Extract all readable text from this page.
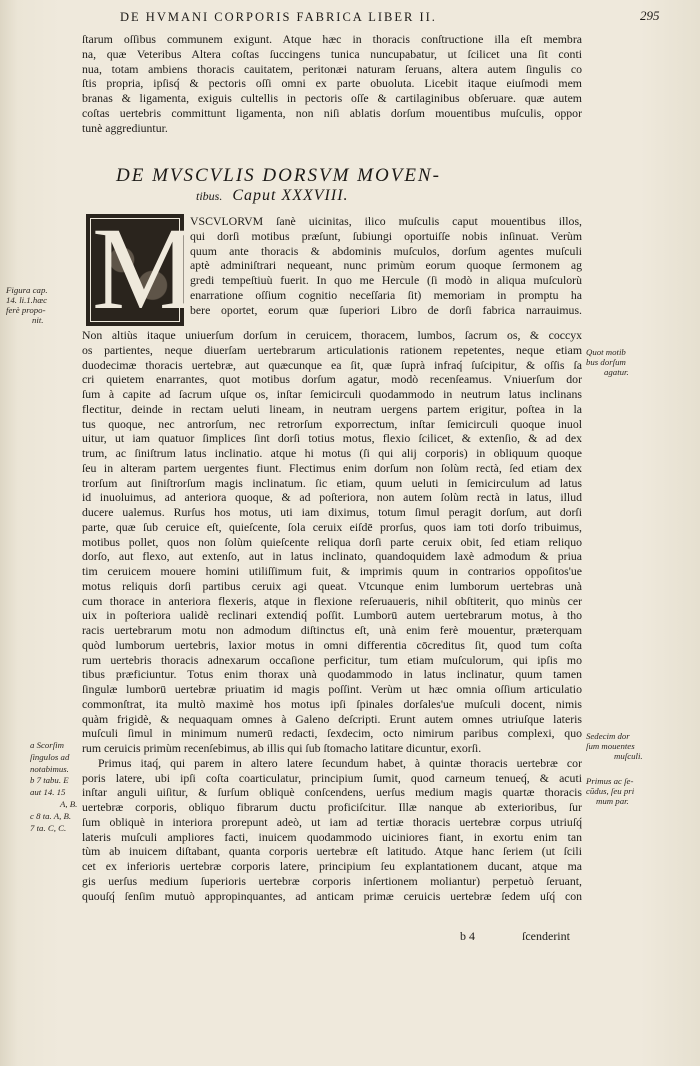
DE HVMANI CORPORIS FABRICA LIBER II.	295
ſtarum oſſibus communem exigunt. Atque hæc in thoracis conſtructione illa eſt membra
na, quæ Veteribus Altera coſtas ſuccingens tunica nuncupabatur, ut ſcilicet una ſit conti
nua, totam ambiens thoracis cauitatem, peritonæi naturam ſeruans, altera autem ſingulis co
ſtis propria, ipſisq́ & pectoris oſſi omni ex parte obuoluta. Licebit itaque eiuſmodi mem
branas & ligamenta, exiguis cultellis in pectoris oſſe & cartilaginibus obſeruare. quæ autem
coſtas uertebris committunt ligamenta, non niſi ablatis dorſum mouentibus muſculis, oppor
tunè aggrediuntur.
DE MVSCVLIS DORSVM MOVEN-
tibus. Caput XXXVIII.
M
VSCVLORVM ſanè uicinitas, ilico muſculis caput mouentibus illos,
qui dorſi motibus præſunt, ſubiungi oportuiſſe nobis inſinuat. Verùm
quum ante thoracis & abdominis muſculos, dorſum agentes muſculi
aptè adminiſtrari nequeant, nunc primùm eorum quoque ſermonem ag
gredi tempeſtiuù fuerit. In quo me Hercule (ſi modò in aliqua muſculorù
enarratione oſſium cognitio neceſſaria ſit) memoriam in promptu ha
bere oportet, eorum quæ ſuperiori Libro de dorſi fabrica narrauimus.
Non altiùs itaque uniuerſum dorſum in ceruicem, thoracem, lumbos, ſacrum os, & coccyx
os partientes, neque diuerſam uertebrarum articulationis rationem repetentes, neque etiam
duodecimæ thoracis uertebræ, aut quæcunque ea ſit, quæ ſuprà infraq́ ſuſcipitur, & oſſis ſa
cri quietem enarrantes, quot motibus dorſum agatur, modò recenſeamus. Vniuerſum dor
ſum à capite ad ſacrum uſque os, inſtar ſemicirculi quodammodo in neutrum latus inclinans
flectitur, deinde in rectam ueluti lineam, in neutram uergens partem erigitur, poſtea in la
tus quoque, nec antrorſum, nec retrorſum exporrectum, inſtar ſemicirculi quoque inuol
uitur, ut iam quatuor ſimplices ſint dorſi totius motus, flexio ſcilicet, & extenſio, & ad dex
trum, ac ſiniſtrum latus inclinatio. atque hi motus (ſi qui alij corporis) in obliquum quoque
ſeu in alteram partem uergentes fiunt. Flectimus enim dorſum non ſolùm rectà, ſed etiam dex
trorſum aut ſiniſtrorſum magis inclinatum. ſic etiam, quum ueluti in ſemicirculum ad latus
id inuoluimus, ad anteriora quoque, & ad poſteriora, non autem ſolùm rectà in latus, illud
ducere ualemus. Rurſus hos motus, uti iam diximus, totum ſimul peragit dorſum, aut dorſi
parte, quæ ſub ceruice eſt, quieſcente, ſola ceruix eiſdē prorſus, quos iam toti dorſo tribuimus,
motibus pollet, quos non ſolùm quieſcente reliqua dorſi parte ceruix obit, ſed etiam reliquo
dorſo, aut flexo, aut extenſo, aut in latus inclinato, quandoquidem laxè admodum & priua
tim ceruicem mouere homini utiliſſimum fuit, & imprimis quum in contrarios oppoſitos'ue
motus reliquis dorſi partibus ceruix agi queat. Vtcunque enim lumborum uertebras unà
cum thorace in anteriora flexeris, atque in flexione reſeruaueris, nihil obſtiterit, quo minùs cer
uix in poſteriora ualidè reclinari extendiq́ poſſit. Lumborū autem uertebrarum motus, à tho
racis uertebrarum motu non admodum diſtinctus eſt, unà enim ferè mouentur, præterquam
quòd lumborum uertebris, laxior motus in omni differentia cōcreditus ſit, quod tum coſta
rum uertebris thoracis adnexarum occaſione perficitur, tum etiam muſculorum, qui ipſis mo
tibus præficiuntur. Totus enim thorax unà quodammodo in latus inclinatur, quum tamen
ſingulæ lumborū uertebræ priuatim id magis poſſint. Verùm ut hæc omnia oſſium articulatio
commonſtrat, ita multò maximè hos motus ipſi ſpinales dorſales'ue muſculi docent, nimis
quàm frigidè, & nequaquam omnes à Galeno deſcripti. Erunt autem omnes utriuſque lateris
muſculi ſimul in minimum numerū redacti, ſexdecim, octo nimirum paribus complexi, quo
rum ceruicis primùm recenſebimus, ab illis qui ſub ſtomacho latitare dicuntur, exorſi.
Primus itaq́, qui parem in altero latere ſecundum habet, à quintæ thoracis uertebræ cor
poris latere, ubi ipſi coſta coarticulatur, principium ſumit, quod carneum tenueq́, & acuti
inſtar anguli uiſitur, & ſurſum obliquè conſcendens, uerſus medium magis quartæ thoracis
uertebræ corporis, obliquo fibrarum ductu proficiſcitur. Illæ nanque ab exterioribus, ſur
ſum obliquè in interiora prorepunt adeò, ut iam ad tertiæ thoracis uertebræ corpus utriuſq́
lateris muſculi ampliores facti, inuicem quodammodo uiciniores fiant, in exortu enim tan
tùm ab inuicem diſtabant, quanta corporis uertebræ eſt latitudo. Atque hanc ſeriem (ut ſcili
cet ex inferioris uertebræ corporis latere, principium ſeu explantationem ducant, atque ma
gis uerſus medium ſuperioris uertebræ corporis inſertionem moliantur) perpetuò ſeruant,
quouſq́ ſenſim mutuò appropinquantes, ad anticam primæ ceruicis uertebræ ſedem uſq́ con
Figura cap.
14. li.1.hæc
ferè propo-
nit.
Quot motib
bus dorſum
agatur.
Sedecim dor
ſum mouentes
muſculi.
Primus ac ſe-
cūdus, ſeu pri
mum par.
a Scorſim
ſingulos ad
notabimus.
b 7 tabu. E
aut 14. 15
A, B.
c 8 ta. A, B.
7 ta. C, C.
b 4	ſcenderint
